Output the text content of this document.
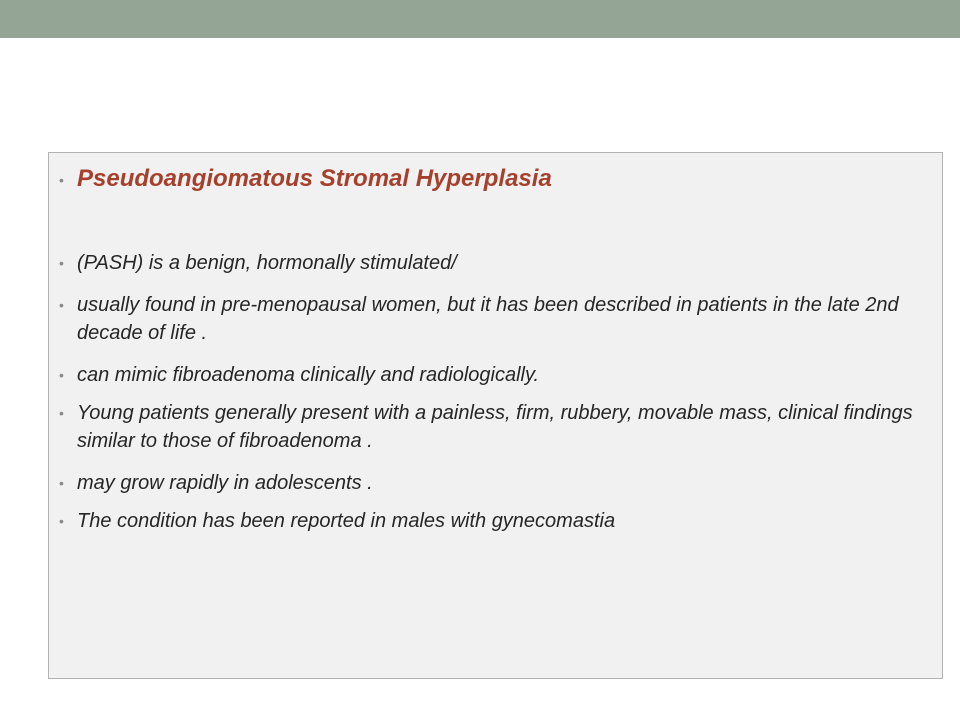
• Pseudoangiomatous Stromal Hyperplasia
• (PASH) is a benign, hormonally stimulated/
• usually found in pre-menopausal women, but it has been described in patients in the late 2nd decade of life .
• can mimic fibroadenoma clinically and radiologically.
• Young patients generally present with a painless, firm, rubbery, movable mass, clinical findings similar to those of fibroadenoma .
• may grow rapidly in adolescents .
• The condition has been reported in males with gynecomastia
